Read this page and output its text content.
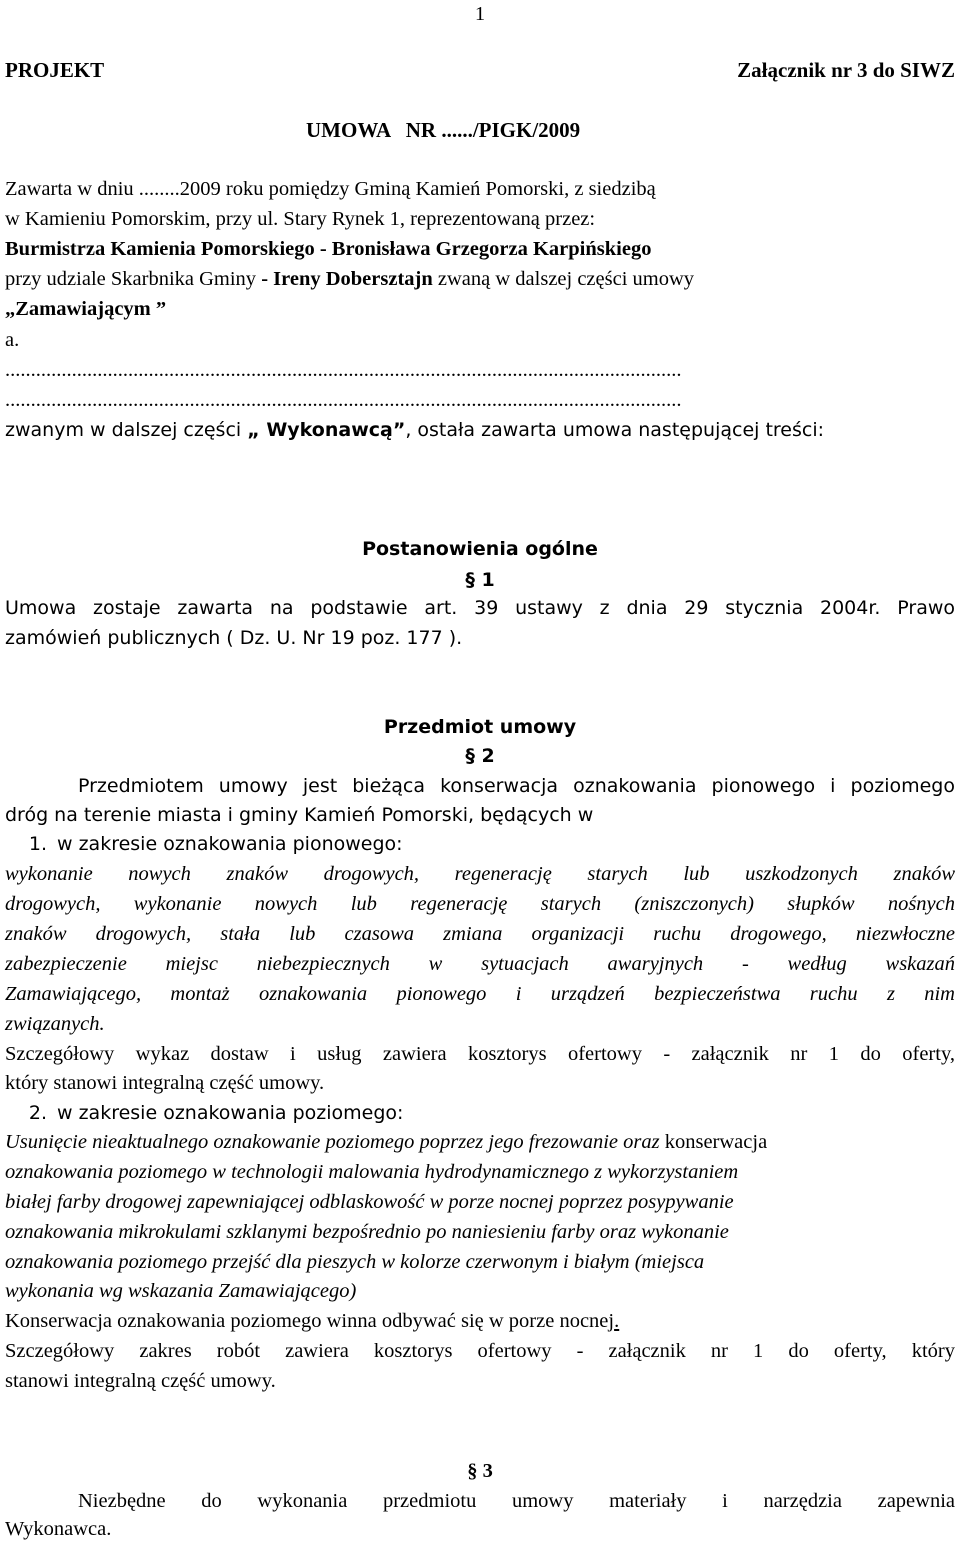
1
PROJEKT	Załącznik nr 3 do SIWZ
UMOWA   NR ....../PIGK/2009
Zawarta w dniu ........2009 roku pomiędzy Gminą Kamień Pomorski, z siedzibą
w Kamieniu Pomorskim, przy ul. Stary Rynek 1, reprezentowaną przez:
Burmistrza Kamienia Pomorskiego - Bronisława Grzegorza Karpińskiego
przy udziale Skarbnika Gminy - Ireny Dobersztajn zwaną w dalszej części umowy
„Zamawiającym ”
a.
....................................................................................................................................
....................................................................................................................................
zwanym w dalszej części „ Wykonawcą”, ostała zawarta umowa następującej treści:
Postanowienia ogólne
§ 1
Umowa zostaje zawarta na podstawie art. 39 ustawy z dnia 29 stycznia 2004r. Prawo
zamówień publicznych ( Dz. U. Nr 19 poz. 177 ).
Przedmiot umowy
§ 2
Przedmiotem umowy jest bieżąca konserwacja oznakowania pionowego i poziomego
dróg na terenie miasta i gminy Kamień Pomorski, będących w
1. w zakresie oznakowania pionowego:
wykonanie nowych znaków drogowych, regenerację starych lub uszkodzonych znaków
drogowych, wykonanie nowych lub regenerację starych (zniszczonych) słupków nośnych
znaków drogowych, stała lub czasowa zmiana organizacji ruchu drogowego, niezwłoczne
zabezpieczenie miejsc niebezpiecznych w sytuacjach awaryjnych - według wskazań
Zamawiającego, montaż oznakowania pionowego i urządzeń bezpieczeństwa ruchu z nim
związanych.
Szczegółowy wykaz dostaw i usług zawiera kosztorys ofertowy - załącznik nr 1 do oferty,
który stanowi integralną część umowy.
2. w zakresie oznakowania poziomego:
Usunięcie nieaktualnego oznakowanie poziomego poprzez jego frezowanie oraz konserwacja
oznakowania poziomego w technologii malowania hydrodynamicznego z wykorzystaniem
białej farby drogowej zapewniającej odblaskowość w porze nocnej poprzez posypywanie
oznakowania mikrokulami szklanymi bezpośrednio po naniesieniu farby oraz wykonanie
oznakowania poziomego przejść dla pieszych w kolorze czerwonym i białym (miejsca
wykonania wg wskazania Zamawiającego)
Konserwacja oznakowania poziomego winna odbywać się w porze nocnej.
Szczegółowy zakres robót zawiera kosztorys ofertowy - załącznik nr 1 do oferty, który
stanowi integralną część umowy.
§ 3
Niezbędne do wykonania przedmiotu umowy materiały i narzędzia zapewnia
Wykonawca.
